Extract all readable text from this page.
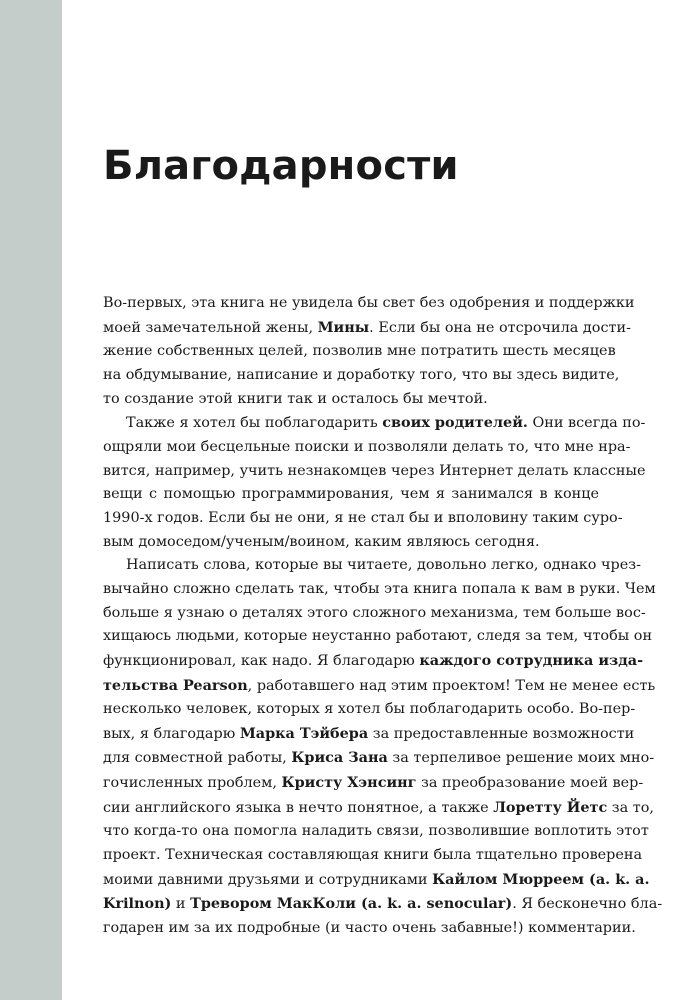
Благодарности

Во-первых, эта книга не увидела бы свет без одобрения и поддержки
моей замечательной жены, Мины. Если бы она не отсрочила дости-
жение собственных целей, позволив мне потратить шесть месяцев
на обдумывание, написание и доработку того, что вы здесь видите,
то создание этой книги так и осталось бы мечтой.

Также я хотел бы поблагодарить своих родителей. Они всегда по-
ощряли мои бесцельные поиски и позволяли делать то, что мне нра-
вится, например, учить незнакомцев через Интернет делать классные
вещи с помощью программирования, чем я занимался в конце
1990-х годов. Если бы не они, я не стал бы и вполовину таким суро-
вым домоседом/ученым/воином, каким являюсь сегодня.

Написать слова, которые вы читаете, довольно легко, однако чрез-
вычайно сложно сделать так, чтобы эта книга попала к вам в руки. Чем
больше я узнаю о деталях этого сложного механизма, тем больше вос-
хищаюсь людьми, которые неустанно работают, следя за тем, чтобы он
функционировал, как надо. Я благодарю каждого сотрудника изда-
тельства Pearson, работавшего над этим проектом! Тем не менее есть
несколько человек, которых я хотел бы поблагодарить особо. Во-пер-
вых, я благодарю Марка Тэйбера за предоставленные возможности
для совместной работы, Криса Зана за терпеливое решение моих мно-
гочисленных проблем, Кристу Хэнсинг за преобразование моей вер-
сии английского языка в нечто понятное, а также Лоретту Йетс за то,
что когда-то она помогла наладить связи, позволившие воплотить этот
проект. Техническая составляющая книги была тщательно проверена
моими давними друзьями и сотрудниками Кайлом Мюрреем (a. k. a.
Krilnon) и Тревором МакКоли (a. k. a. senocular). Я бесконечно бла-
годарен им за их подробные (и часто очень забавные!) комментарии.
